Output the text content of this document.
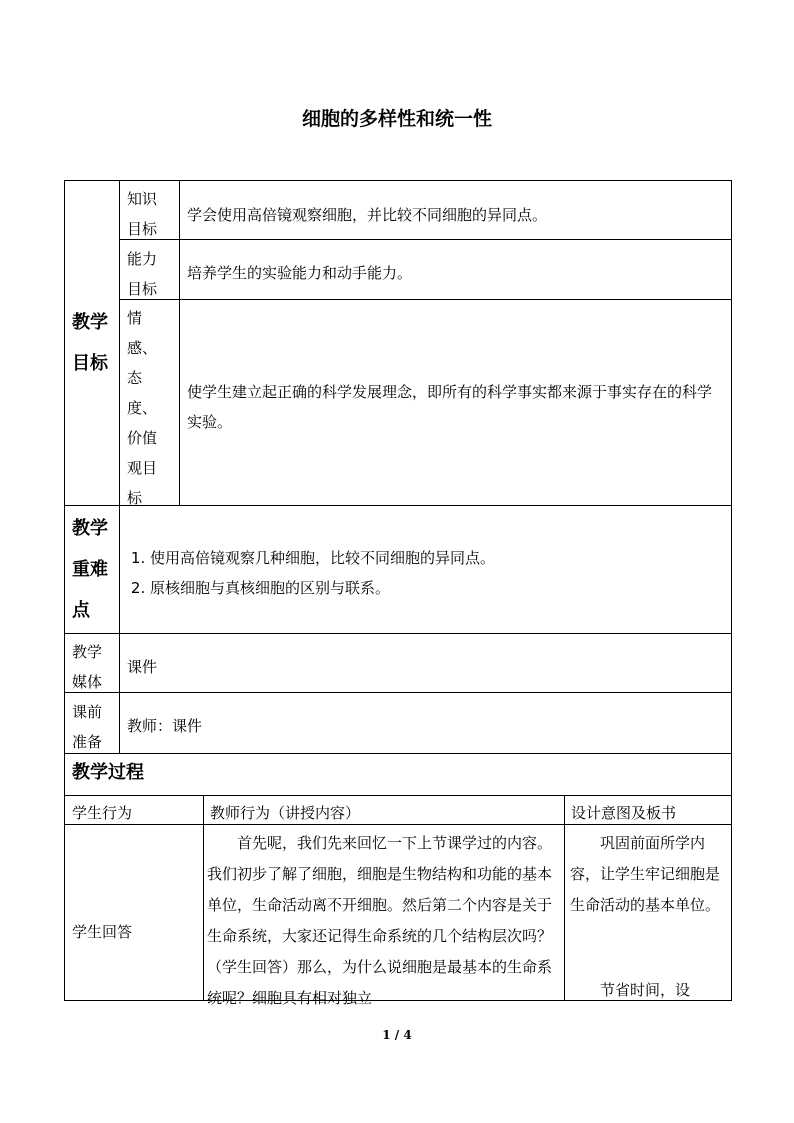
细胞的多样性和统一性
教学目标
知识目标
学会使用高倍镜观察细胞，并比较不同细胞的异同点。
能力目标
培养学生的实验能力和动手能力。
情感、态度、价值观目标
使学生建立起正确的科学发展理念，即所有的科学事实都来源于事实存在的科学实验。
教学重难点
1. 使用高倍镜观察几种细胞，比较不同细胞的异同点。
2. 原核细胞与真核细胞的区别与联系。
教学媒体
课件
课前准备
教师：课件
教学过程
学生行为	教师行为（讲授内容）	设计意图及板书
学生回答
首先呢，我们先来回忆一下上节课学过的内容。我们初步了解了细胞，细胞是生物结构和功能的基本单位，生命活动离不开细胞。然后第二个内容是关于生命系统，大家还记得生命系统的几个结构层次吗？（学生回答）那么，为什么说细胞是最基本的生命系统呢？细胞具有相对独立
巩固前面所学内容，让学生牢记细胞是生命活动的基本单位。
节省时间，设
1 / 4
